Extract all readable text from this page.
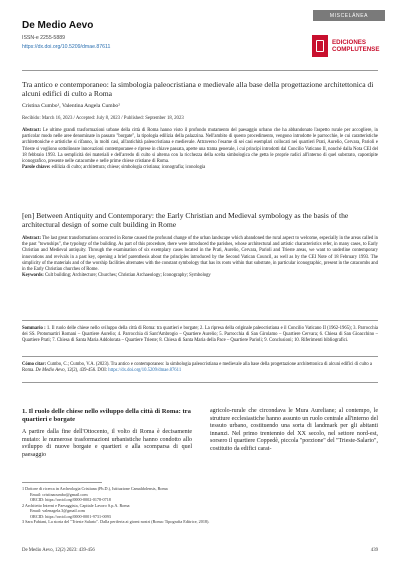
De Medio Aevo
ISSN-e 2255-5889
https://dx.doi.org/10.5209/dmae.87611
MISCELÁNEA
EDICIONES
COMPLUTENSE
Tra antico e contemporaneo: la simbologia paleocristiana e medievale alla base della progettazione architettonica di alcuni edifici di culto a Roma
Cristina Cumbo¹, Valentina Angela Cumbo²
Recibido: March 16, 2023 / Accepted: July 8, 2023 / Published: September 18, 2023
Abstract: Le ultime grandi trasformazioni urbane della città di Roma hanno visto il profondo mutamento del paesaggio urbano che ha abbandonato l'aspetto rurale per accogliere, in particolar modo nelle aree denominate in passato "borgate", la tipologia edilizia della palazzina. Nell'ambito di questo procedimento, vengono introdotte le parrocchie, le cui caratteristiche architettoniche e artistiche si rifanno, in molti casi, all'antichità paleocristiana e medievale. Attraverso l'esame di sei casi esemplari collocati nei quartieri Prati, Aurelio, Cervara, Parioli e Trieste si vogliono sottolineare innovazioni contemporanee e riprese in chiave passata, aperte una trama generale, i cui principi introdotti dal Concilio Vaticano II, nonché dalla Nota CEI del 18 febbraio 1993. La semplicità dei materiali e dell'arredo di culto si alterna con la ricchezza della scelta simbologica che getta le proprie radici all'interno di quel substrato, capostipite iconografico, presente nelle catacombe e nelle prime chiese cristiane di Roma.
Parole chiave: edilizia di culto; architettura; chiese; simbologia cristiana; iconografia; iconologia
[en] Between Antiquity and Contemporary: the Early Christian and Medieval symbology as the basis of the architectural design of some cult building in Rome
Abstract: The last great transformations occurred in Rome caused the profound change of the urban landscape which abandoned the rural aspect to welcome, especially in the areas called in the past "townships", the typology of the building. As part of this procedure, there were introduced the parishes, whose architectural and artistic characteristics refer, in many cases, to Early Christian and Medieval antiquity. Through the examination of six exemplary cases located in the Prati, Aurelio, Cervara, Parioli and Trieste areas, we want to underline contemporary innovations and revivals in a past key, opening a brief parenthesis about the principles introduced by the Second Vatican Council, as well as by the CEI Note of 18 February 1993. The simplicity of the materials and of the worship facilities alternates with the constant symbology that has its roots within that substrate, in particular iconographic, present in the catacombs and in the Early Christian churches of Rome.
Keywords: Cult building; Architecture; Churches; Christian Archaeology; Iconography; Symbology
Sommario : 1. Il ruolo delle chiese nello sviluppo della città di Roma: tra quartieri e borgate; 2. La ripresa della originale paleocristiana e il Concilio Vaticano II (1962-1965); 3. Parrocchia dei SS. Protomartiri Romani – Quartiere Aurelio; 4. Parrocchia di Sant'Ambrogio – Quartiere Aurelio; 5. Parrocchia di San Girolamo – Quartiere Cervara; 6. Chiesa di San Gioacchino – Quartiere Prati; 7. Chiesa di Santa Maria Addolorata – Quartiere Trieste; 8. Chiesa di Santa Maria della Pace – Quartiere Parioli; 9. Conclusioni; 10. Riferimenti bibliografici.
Cómo citar: Cumbo, C.; Cumbo, V.A. (2023). Tra antico e contemporaneo: la simbologia paleocristiana e medievale alla base della progettazione architettonica di alcuni edifici di culto a Roma. De Medio Aevo, 12(2), 439-456. DOI: https://dx.doi.org/10.5209/dmae.87611
1. Il ruolo delle chiese nello sviluppo della città di Roma: tra quartieri e borgate
A partire dalla fine dell'Ottocento, il volto di Roma è decisamente mutato: le numerose trasformazioni urbanistiche hanno condotto allo sviluppo di nuove borgate e quartieri e alla scomparsa di quel paesaggio
agricolo-rurale che circondava le Mura Aureliane; al contempo, le strutture ecclesiastiche hanno assunto un ruolo centrale all'interno del tessuto urbano, costituendo una sorta di landmark per gli abitanti innanzi. Nel primo trentennio del XX secolo, nel settore nord-est, sorsero il quartiere Coppedè, piccola "porzione" del "Trieste-Salario", costituito da edifici carat-
1 Dottore di ricerca in Archeologia Cristiana (Ph.D.), Istituzione Camaldolensis, Roma
Email: cristinacumbo@gmail.com
ORCID: https://orcid.org/0000-0002-0178-0718
2 Architetto Interni e Paesaggista, Capitale Lavoro S.p.A. Roma
Email: valenagela.3@gmail.com
ORCID: https://orcid.org/0000-0001-9731-0093
3 Sara Fabiani, La storia del "Trieste Salario". Dalla periferia ai giorni nostri (Roma: Tipografia Editrice, 2018).
De Medio Aevo, 12(2) 2023: 439-456	439
